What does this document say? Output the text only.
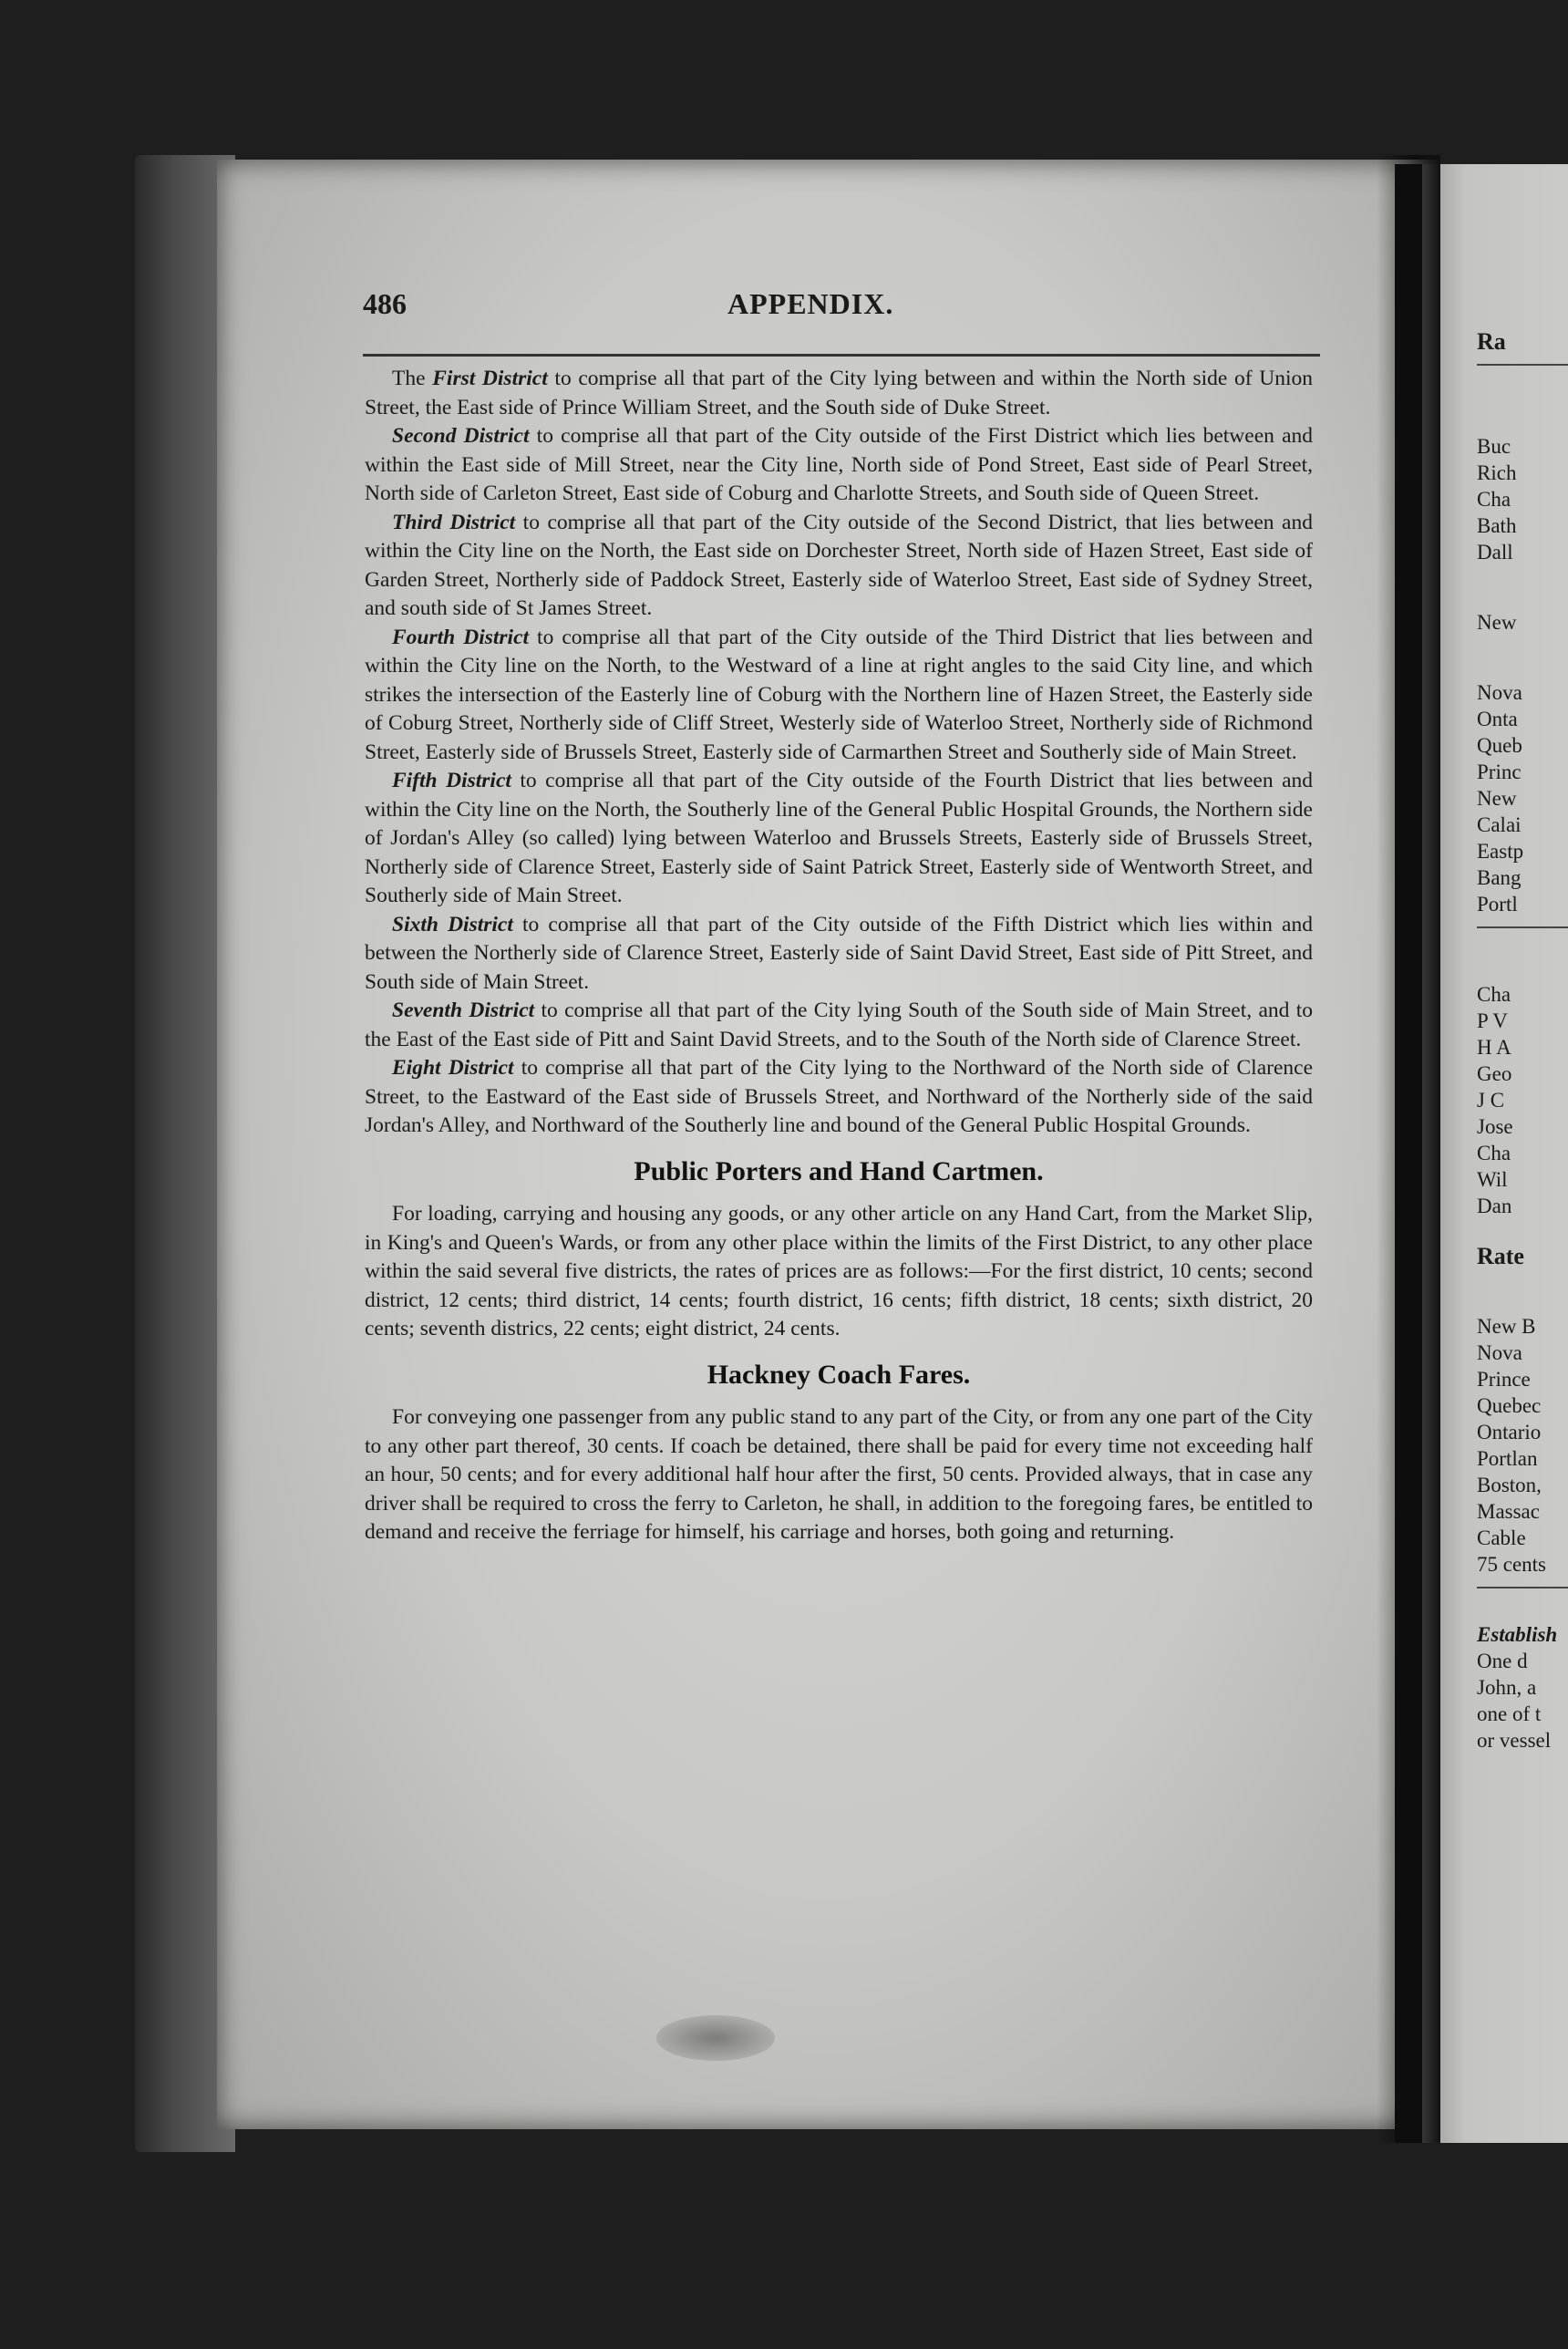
486	APPENDIX.

The First District to comprise all that part of the City lying between and within the North side of Union Street, the East side of Prince William Street, and the South side of Duke Street.

Second District to comprise all that part of the City outside of the First District which lies between and within the East side of Mill Street, near the City line, North side of Pond Street, East side of Pearl Street, North side of Carleton Street, East side of Coburg and Charlotte Streets, and South side of Queen Street.

Third District to comprise all that part of the City outside of the Second District, that lies between and within the City line on the North, the East side on Dorchester Street, North side of Hazen Street, East side of Garden Street, Northerly side of Paddock Street, Easterly side of Waterloo Street, East side of Sydney Street, and south side of St James Street.

Fourth District to comprise all that part of the City outside of the Third District that lies between and within the City line on the North, to the Westward of a line at right angles to the said City line, and which strikes the intersection of the Easterly line of Coburg with the Northern line of Hazen Street, the Easterly side of Coburg Street, Northerly side of Cliff Street, Westerly side of Waterloo Street, Northerly side of Richmond Street, Easterly side of Brussels Street, Easterly side of Carmarthen Street and Southerly side of Main Street.

Fifth District to comprise all that part of the City outside of the Fourth District that lies between and within the City line on the North, the Southerly line of the General Public Hospital Grounds, the Northern side of Jordan's Alley (so called) lying between Waterloo and Brussels Streets, Easterly side of Brussels Street, Northerly side of Clarence Street, Easterly side of Saint Patrick Street, Easterly side of Wentworth Street, and Southerly side of Main Street.

Sixth District to comprise all that part of the City outside of the Fifth District which lies within and between the Northerly side of Clarence Street, Easterly side of Saint David Street, East side of Pitt Street, and South side of Main Street.

Seventh District to comprise all that part of the City lying South of the South side of Main Street, and to the East of the East side of Pitt and Saint David Streets, and to the South of the North side of Clarence Street.

Eight District to comprise all that part of the City lying to the Northward of the North side of Clarence Street, to the Eastward of the East side of Brussels Street, and Northward of the Northerly side of the said Jordan's Alley, and Northward of the Southerly line and bound of the General Public Hospital Grounds.

Public Porters and Hand Cartmen.

For loading, carrying and housing any goods, or any other article on any Hand Cart, from the Market Slip, in King's and Queen's Wards, or from any other place within the limits of the First District, to any other place within the said several five districts, the rates of prices are as follows:—For the first district, 10 cents; second district, 12 cents; third district, 14 cents; fourth district, 16 cents; fifth district, 18 cents; sixth district, 20 cents; seventh districs, 22 cents; eight district, 24 cents.

Hackney Coach Fares.

For conveying one passenger from any public stand to any part of the City, or from any one part of the City to any other part thereof, 30 cents. If coach be detained, there shall be paid for every time not exceeding half an hour, 50 cents; and for every additional half hour after the first, 50 cents. Provided always, that in case any driver shall be required to cross the ferry to Carleton, he shall, in addition to the foregoing fares, be entitled to demand and receive the ferriage for himself, his carriage and horses, both going and returning.

Ra
Buc
Rich
Cha
Bath
Dall
New
Nova
Onta
Queb
Princ
New
Calai
Eastp
Bang
Portl
Cha
P V
H A
Geo
J C
Jose
Cha
Wil
Dan
Rate
New B
Nova
Prince
Quebec
Ontario
Portlan
Boston,
Massac
Cable
75 cents
Establish
One d
John, a
one of t
or vessel
